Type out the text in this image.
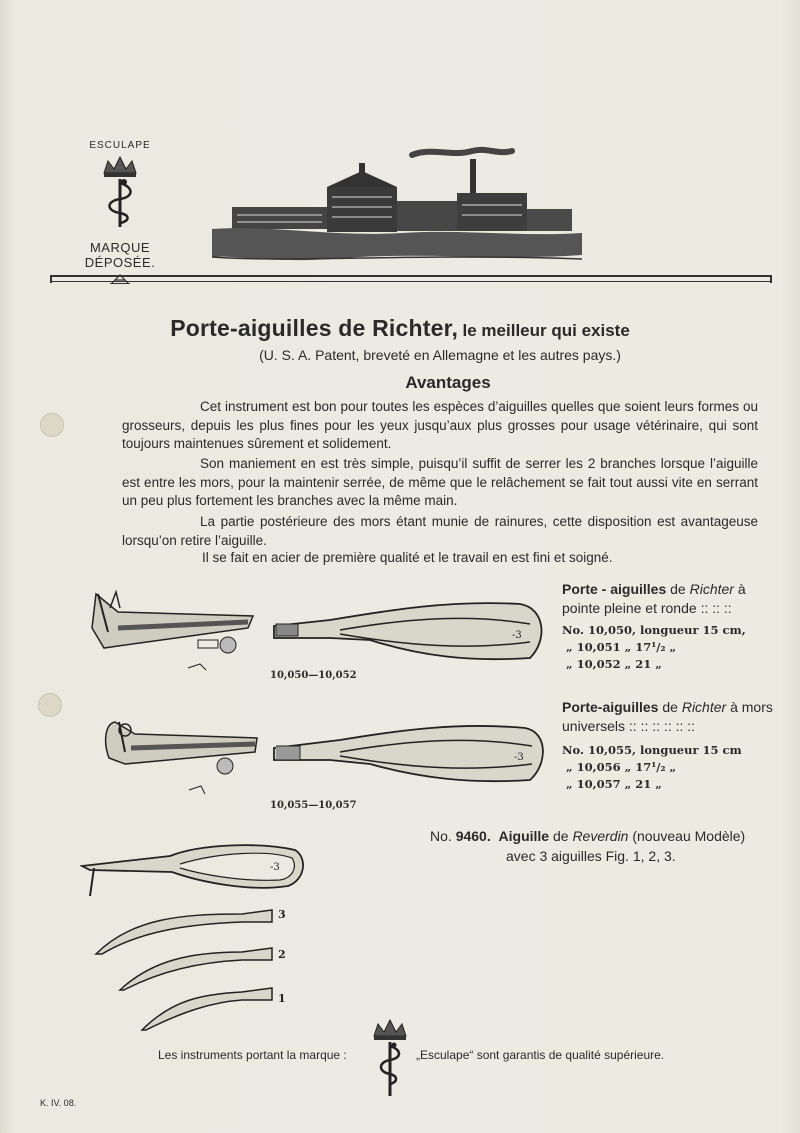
ESCULAPE
MARQUE DÉPOSÉE.
Porte-aiguilles de Richter, le meilleur qui existe
(U. S. A. Patent, breveté en Allemagne et les autres pays.)
Avantages
Cet instrument est bon pour toutes les espèces d’aiguilles quelles que soient leurs formes ou grosseurs, depuis les plus fines pour les yeux jusqu’aux plus grosses pour usage vétérinaire, qui sont toujours maintenues sûrement et solidement.
Son maniement en est très simple, puisqu’il suffit de serrer les 2 branches lorsque l’aiguille est entre les mors, pour la maintenir serrée, de même que le relâchement se fait tout aussi vite en serrant un peu plus fortement les branches avec la même main.
La partie postérieure des mors étant munie de rainures, cette disposition est avantageuse lorsqu’on retire l’aiguille.
Il se fait en acier de première qualité et le travail en est fini et soigné.
-3
10,050—10,052
-3
10,055—10,057
-3
3
2
1
Porte - aiguilles de Richter à pointe pleine et ronde :: :: ::
No. 10,050, longueur 15 cm,
„ 10,051 „ 17¹/₂ „
„ 10,052 „ 21 „
Porte-aiguilles de Richter à mors universels :: :: :: :: :: ::
No. 10,055, longueur 15 cm
„ 10,056 „ 17¹/₂ „
„ 10,057 „ 21 „
No. 9460. Aiguille de Reverdin (nouveau Modèle)
avec 3 aiguilles Fig. 1, 2, 3.
Les instruments portant la marque :	„Esculape“ sont garantis de qualité supérieure.
K. IV. 08.
